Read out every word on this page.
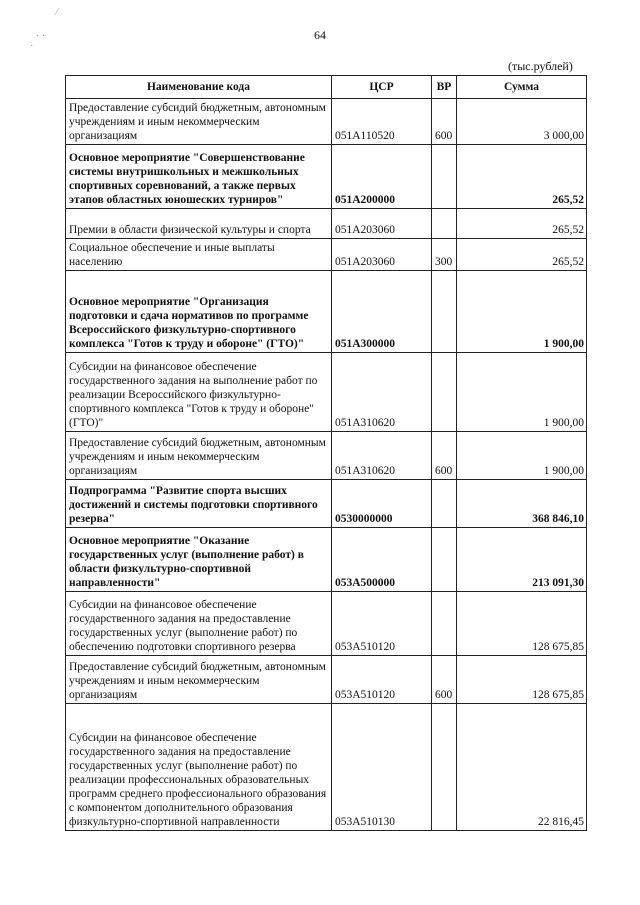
⁄
· ·
·
64
(тыс.рублей)
Наименование кода	ЦСР	ВР	Сумма
Предоставление субсидий бюджетным, автономным учреждениям и иным некоммерческим организациям	051А110520	600	3 000,00
Основное мероприятие "Совершенствование системы внутришкольных и межшкольных спортивных соревнований, а также первых этапов областных юношеских турниров"	051А200000		265,52
Премии в области физической культуры и спорта	051А203060		265,52
Социальное обеспечение и иные выплаты населению	051А203060	300	265,52
Основное мероприятие "Организация подготовки и сдача нормативов по программе Всероссийского физкультурно-спортивного комплекса "Готов к труду и обороне" (ГТО)"	051А300000		1 900,00
Субсидии на финансовое обеспечение государственного задания на выполнение работ по реализации Всероссийского физкультурно-спортивного комплекса "Готов к труду и обороне" (ГТО)"	051А310620		1 900,00
Предоставление субсидий бюджетным, автономным учреждениям и иным некоммерческим организациям	051А310620	600	1 900,00
Подпрограмма "Развитие спорта высших достижений и системы подготовки спортивного резерва"	0530000000		368 846,10
Основное мероприятие "Оказание государственных услуг (выполнение работ) в области физкультурно-спортивной направленности"	053А500000		213 091,30
Субсидии на финансовое обеспечение государственного задания на предоставление государственных услуг (выполнение работ) по обеспечению подготовки спортивного резерва	053А510120		128 675,85
Предоставление субсидий бюджетным, автономным учреждениям и иным некоммерческим организациям	053А510120	600	128 675,85
Субсидии на финансовое обеспечение государственного задания на предоставление государственных услуг (выполнение работ) по реализации профессиональных образовательных программ среднего профессионального образования с компонентом дополнительного образования физкультурно-спортивной направленности	053А510130		22 816,45
